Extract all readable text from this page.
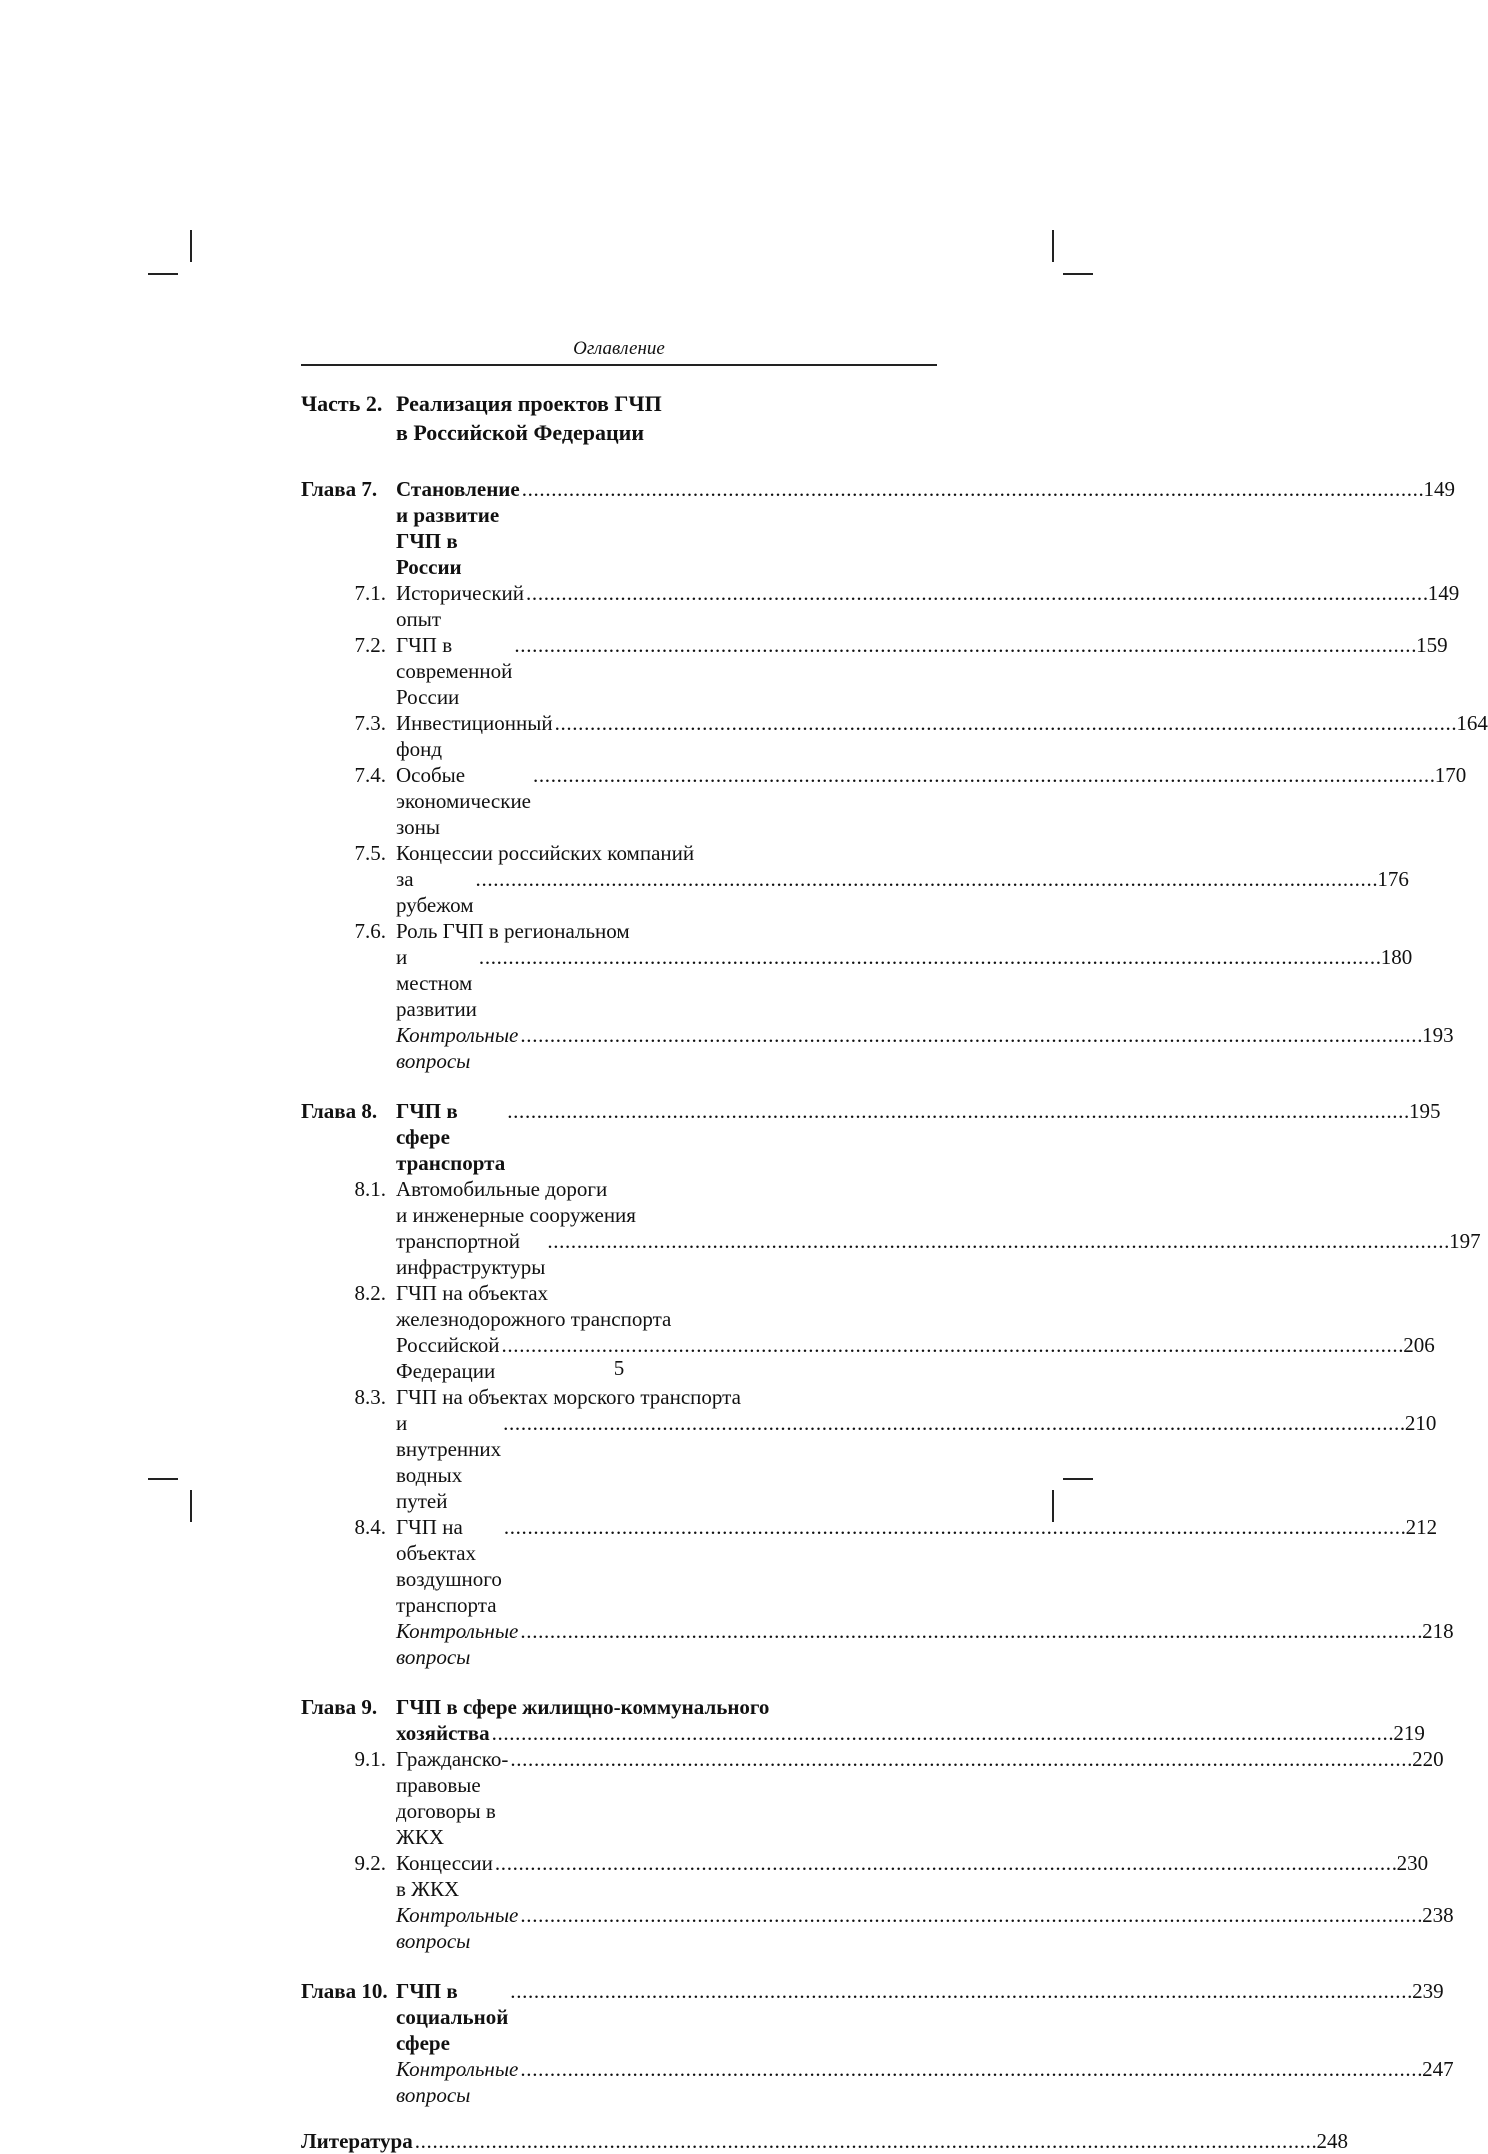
Оглавление
Часть 2. Реализация проектов ГЧП
в Российской Федерации
Глава 7. Становление и развитие ГЧП в России
. . .
149
7.1. Исторический опыт
. . .
149
7.2. ГЧП в современной России
. . .
159
7.3. Инвестиционный фонд
. . .
164
7.4. Особые экономические зоны
. . .
170
7.5. Концессии российских компаний
за рубежом
. . .
176
7.6. Роль ГЧП в региональном
и местном развитии
. . .
180
Контрольные вопросы
. . .
193
Глава 8. ГЧП в сфере транспорта
. . .
195
8.1. Автомобильные дороги
и инженерные сооружения
транспортной инфраструктуры
. . .
197
8.2. ГЧП на объектах
железнодорожного транспорта
Российской Федерации
. . .
206
8.3. ГЧП на объектах морского транспорта
и внутренних водных путей
. . .
210
8.4. ГЧП на объектах воздушного транспорта
. . .
212
Контрольные вопросы
. . .
218
Глава 9. ГЧП в сфере жилищно-коммунального
хозяйства . . .	219
9.1. Гражданско-правовые договоры в ЖКХ
. . .
220
9.2. Концессии в ЖКХ
. . .
230
Контрольные вопросы
. . .
238
Глава 10. ГЧП в социальной сфере
. . .
239
Контрольные вопросы
. . .
247
Литература . . .	248
5
